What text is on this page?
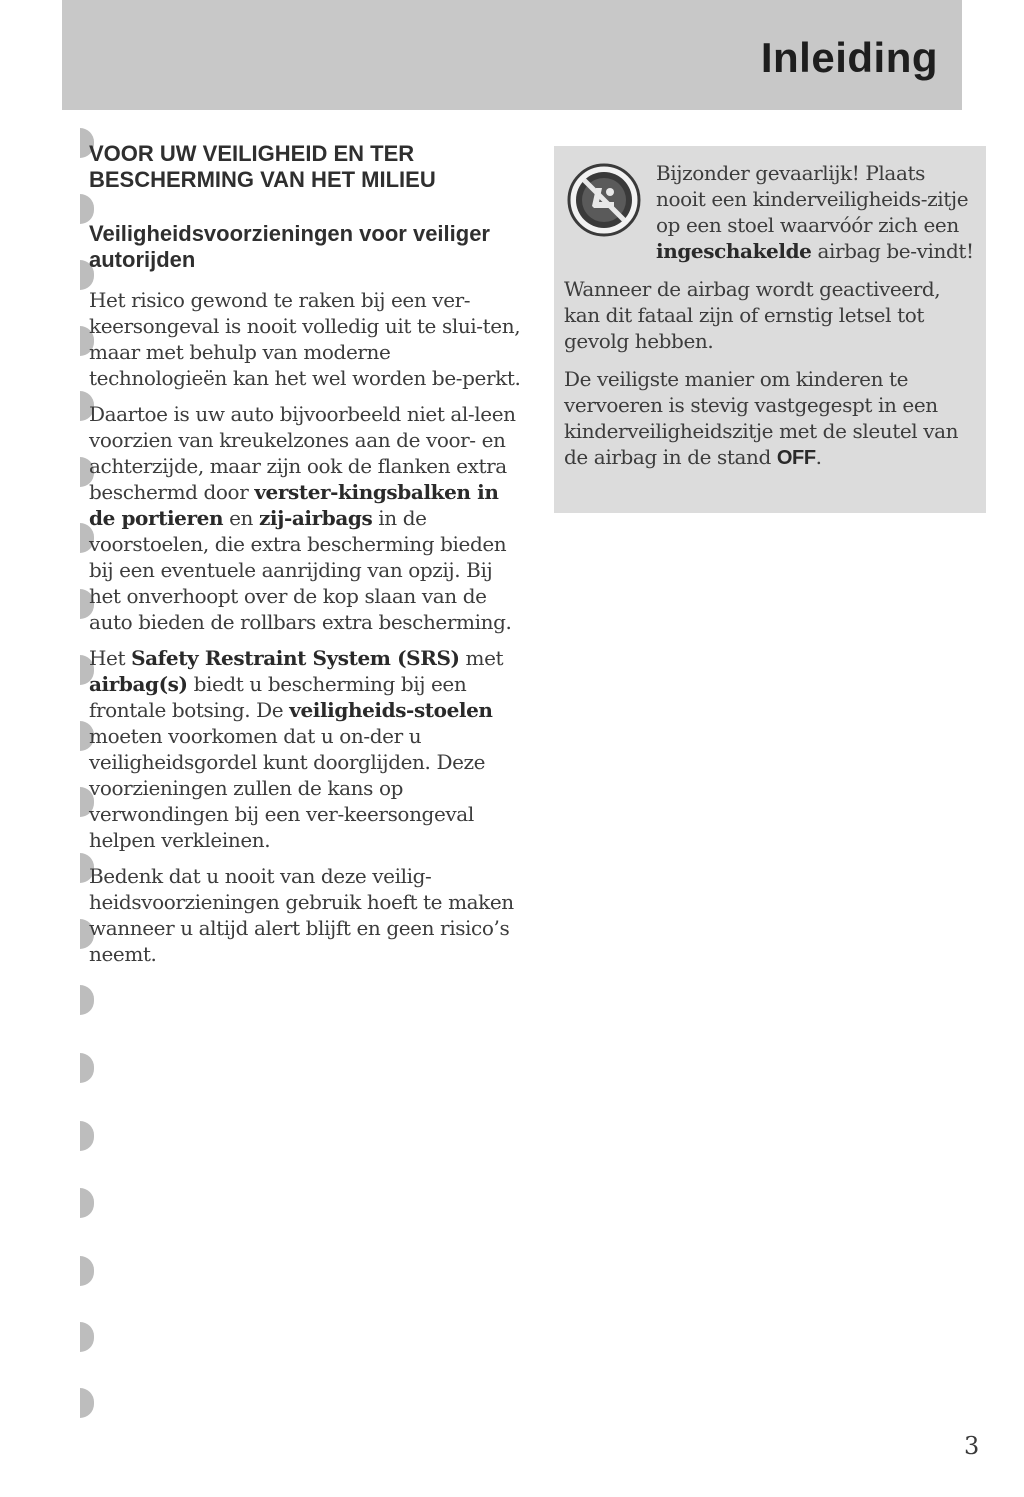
Inleiding
VOOR UW VEILIGHEID EN TER BESCHERMING VAN HET MILIEU
Veiligheidsvoorzieningen voor veiliger autorijden

Het risico gewond te raken bij een ver-keersongeval is nooit volledig uit te slui-ten, maar met behulp van moderne technologieën kan het wel worden be-perkt.

Daartoe is uw auto bijvoorbeeld niet al-leen voorzien van kreukelzones aan de voor- en achterzijde, maar zijn ook de flanken extra beschermd door verster-kingsbalken in de portieren en zij-airbags in de voorstoelen, die extra bescherming bieden bij een eventuele aanrijding van opzij. Bij het onverhoopt over de kop slaan van de auto bieden de rollbars extra bescherming.

Het Safety Restraint System (SRS) met airbag(s) biedt u bescherming bij een frontale botsing. De veiligheids-stoelen moeten voorkomen dat u on-der u veiligheidsgordel kunt doorglijden. Deze voorzieningen zullen de kans op verwondingen bij een ver-keersongeval helpen verkleinen.

Bedenk dat u nooit van deze veilig-heidsvoorzieningen gebruik hoeft te maken wanneer u altijd alert blijft en geen risico’s neemt.

Bijzonder gevaarlijk! Plaats nooit een kinderveiligheids-zitje op een stoel waarvóór zich een ingeschakelde airbag be-vindt!

Wanneer de airbag wordt geactiveerd, kan dit fataal zijn of ernstig letsel tot gevolg hebben.

De veiligste manier om kinderen te vervoeren is stevig vastgegespt in een kinderveiligheidszitje met de sleutel van de airbag in de stand OFF.

3
